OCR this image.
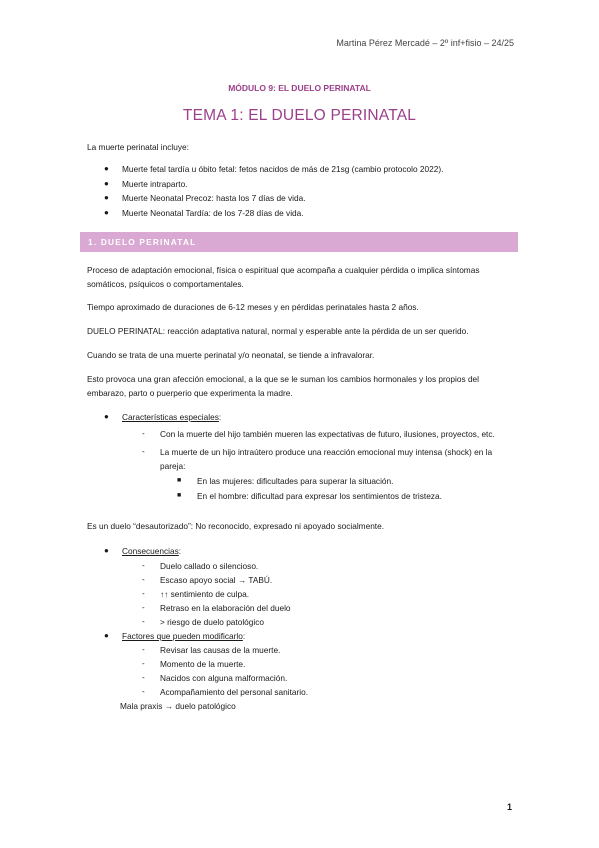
Martina Pérez Mercadé – 2º inf+fisio – 24/25
MÓDULO 9: EL DUELO PERINATAL
TEMA 1: EL DUELO PERINATAL
La muerte perinatal incluye:
● Muerte fetal tardía u óbito fetal: fetos nacidos de más de 21sg (cambio protocolo 2022).
● Muerte intraparto.
● Muerte Neonatal Precoz: hasta los 7 días de vida.
● Muerte Neonatal Tardía: de los 7-28 días de vida.
1. DUELO PERINATAL
Proceso de adaptación emocional, física o espiritual que acompaña a cualquier pérdida o implica síntomas somáticos, psíquicos o comportamentales.
Tiempo aproximado de duraciones de 6-12 meses y en pérdidas perinatales hasta 2 años.
DUELO PERINATAL: reacción adaptativa natural, normal y esperable ante la pérdida de un ser querido.
Cuando se trata de una muerte perinatal y/o neonatal, se tiende a infravalorar.
Esto provoca una gran afección emocional, a la que se le suman los cambios hormonales y los propios del embarazo, parto o puerperio que experimenta la madre.
● Características especiales:
- Con la muerte del hijo también mueren las expectativas de futuro, ilusiones, proyectos, etc.
- La muerte de un hijo intraútero produce una reacción emocional muy intensa (shock) en la pareja:
■ En las mujeres: dificultades para superar la situación.
■ En el hombre: dificultad para expresar los sentimientos de tristeza.
Es un duelo “desautorizado”: No reconocido, expresado ni apoyado socialmente.
● Consecuencias:
- Duelo callado o silencioso.
- Escaso apoyo social → TABÚ.
- ↑↑ sentimiento de culpa.
- Retraso en la elaboración del duelo
- > riesgo de duelo patológico
● Factores que pueden modificarlo:
- Revisar las causas de la muerte.
- Momento de la muerte.
- Nacidos con alguna malformación.
- Acompañamiento del personal sanitario.
Mala praxis → duelo patológico
1
